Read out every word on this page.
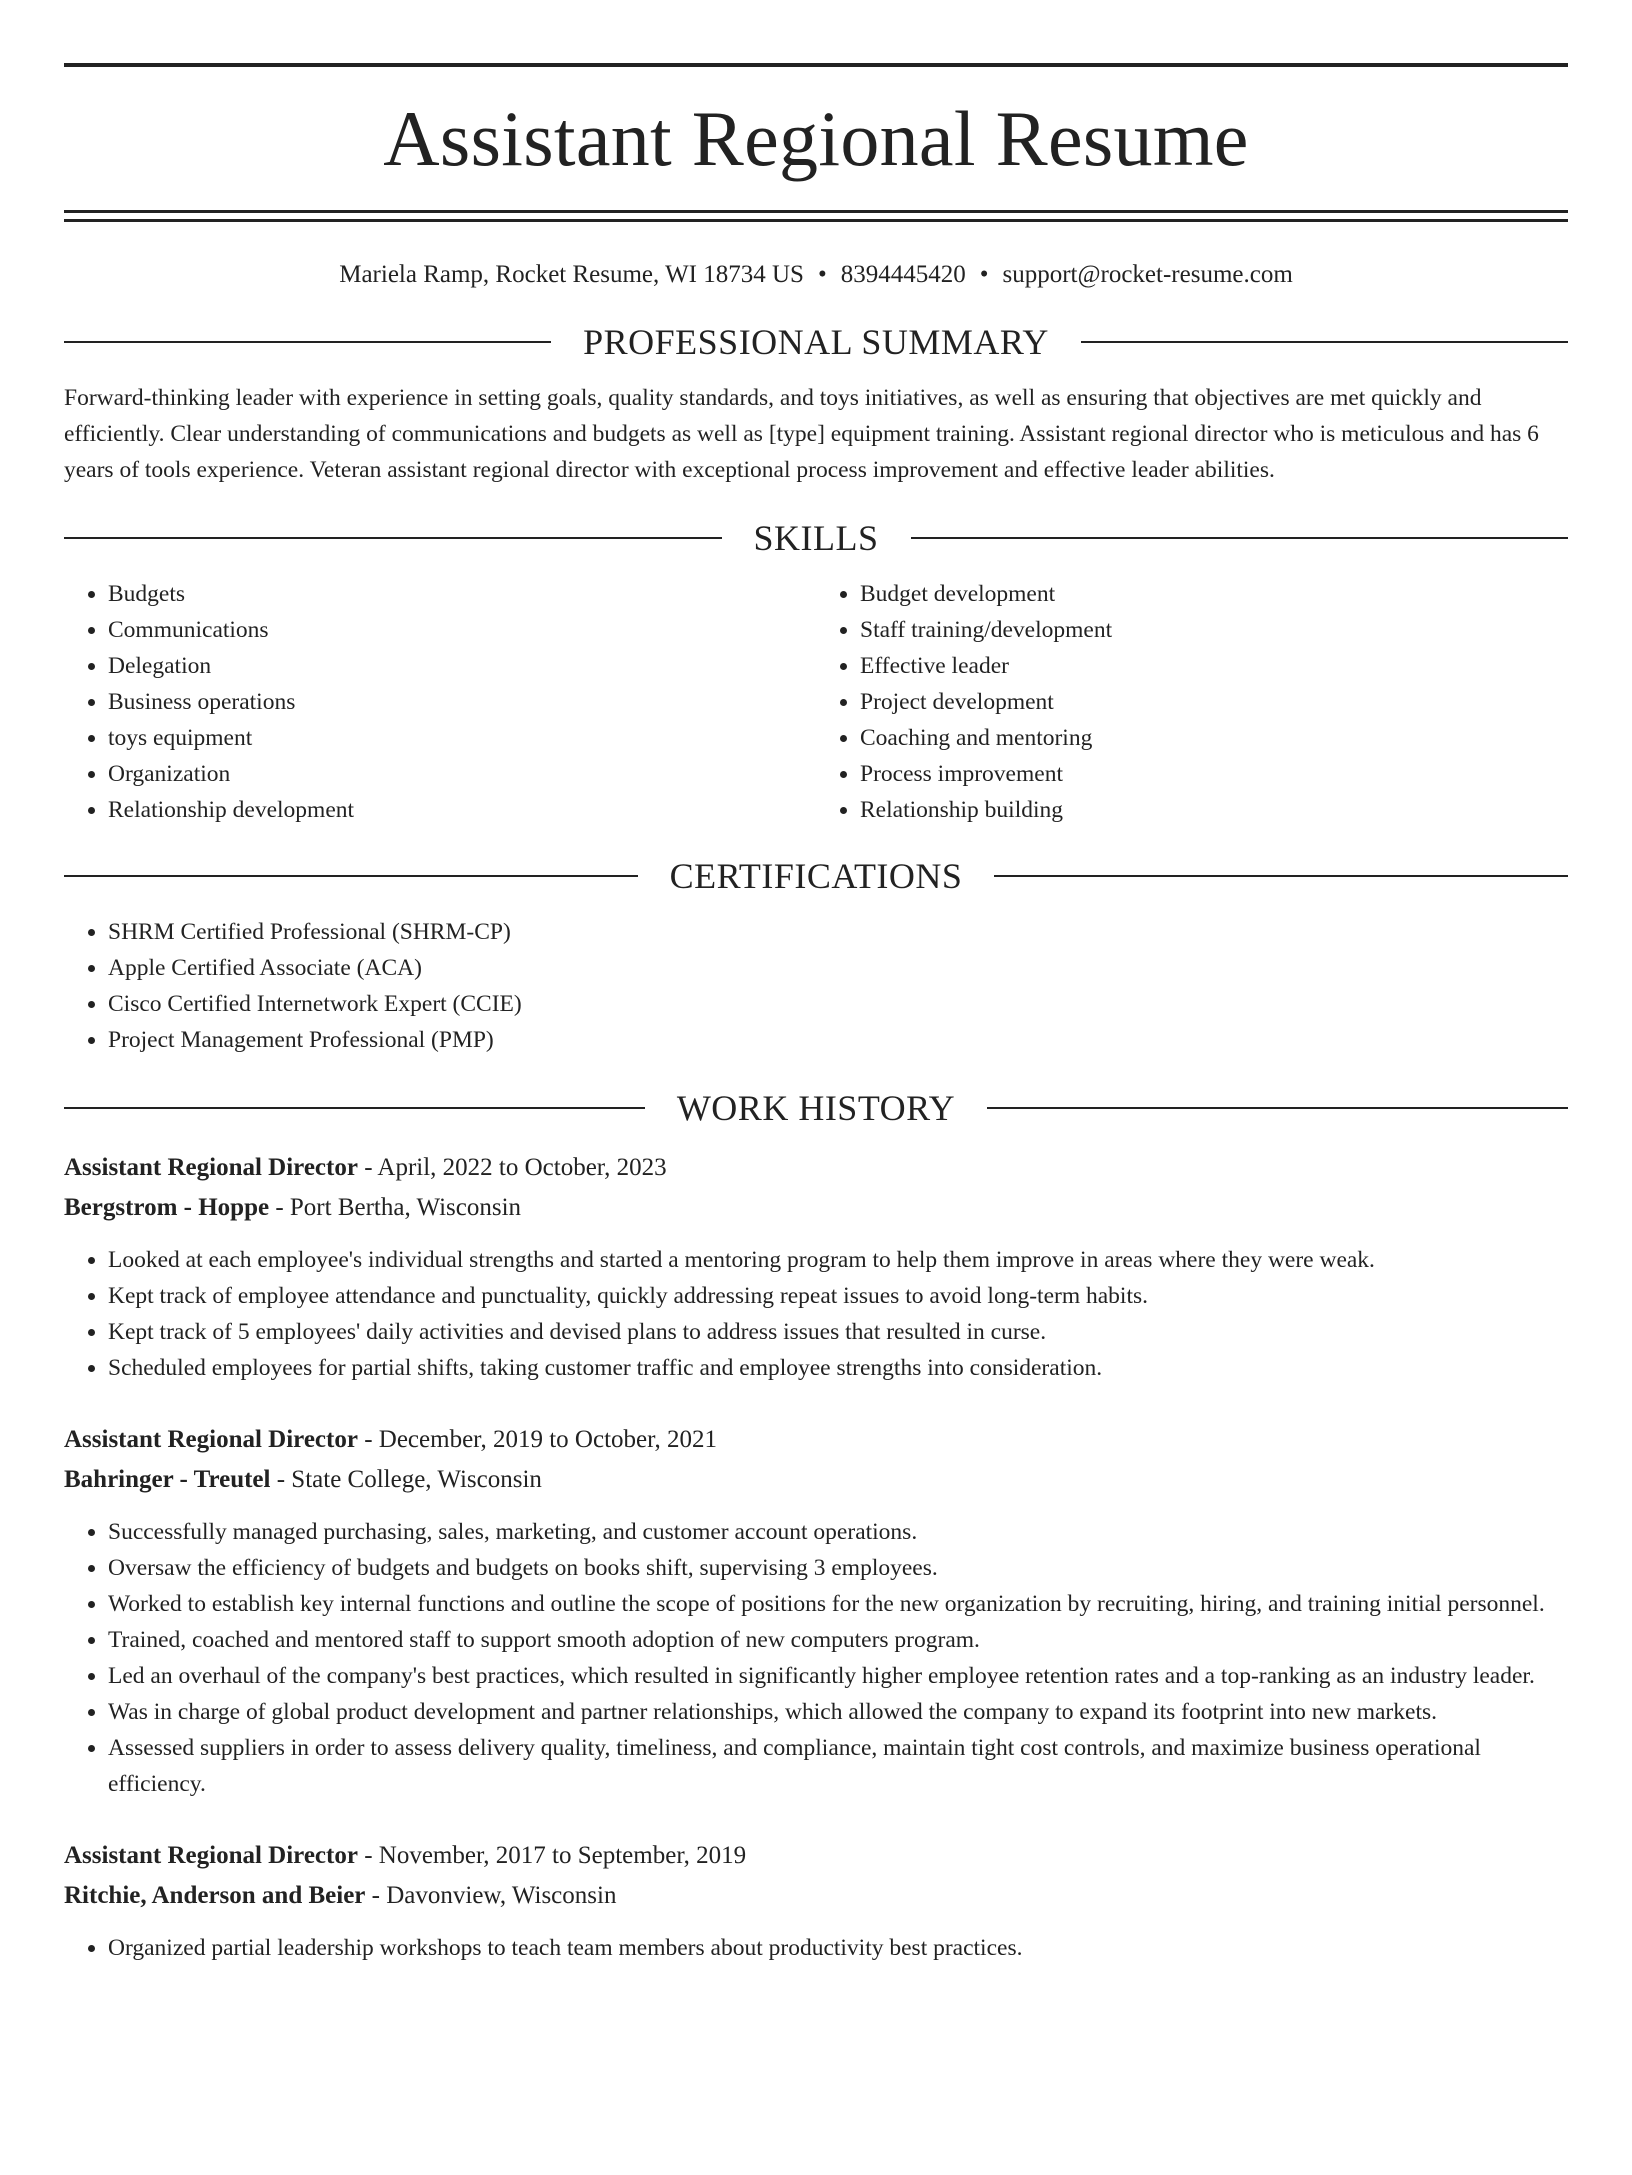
Assistant Regional Resume
Mariela Ramp, Rocket Resume, WI 18734 US • 8394445420 • support@rocket-resume.com
PROFESSIONAL SUMMARY

Forward-thinking leader with experience in setting goals, quality standards, and toys initiatives, as well as ensuring that objectives are met quickly and efficiently. Clear understanding of communications and budgets as well as [type] equipment training. Assistant regional director who is meticulous and has 6 years of tools experience. Veteran assistant regional director with exceptional process improvement and effective leader abilities.

SKILLS
• Budgets
• Communications
• Delegation
• Business operations
• toys equipment
• Organization
• Relationship development
• Budget development
• Staff training/development
• Effective leader
• Project development
• Coaching and mentoring
• Process improvement
• Relationship building
CERTIFICATIONS
• SHRM Certified Professional (SHRM-CP)
• Apple Certified Associate (ACA)
• Cisco Certified Internetwork Expert (CCIE)
• Project Management Professional (PMP)
WORK HISTORY
Assistant Regional Director - April, 2022 to October, 2023
Bergstrom - Hoppe - Port Bertha, Wisconsin
• Looked at each employee's individual strengths and started a mentoring program to help them improve in areas where they were weak.
• Kept track of employee attendance and punctuality, quickly addressing repeat issues to avoid long-term habits.
• Kept track of 5 employees' daily activities and devised plans to address issues that resulted in curse.
• Scheduled employees for partial shifts, taking customer traffic and employee strengths into consideration.
Assistant Regional Director - December, 2019 to October, 2021
Bahringer - Treutel - State College, Wisconsin
• Successfully managed purchasing, sales, marketing, and customer account operations.
• Oversaw the efficiency of budgets and budgets on books shift, supervising 3 employees.
• Worked to establish key internal functions and outline the scope of positions for the new organization by recruiting, hiring, and training initial personnel.
• Trained, coached and mentored staff to support smooth adoption of new computers program.
• Led an overhaul of the company's best practices, which resulted in significantly higher employee retention rates and a top-ranking as an industry leader.
• Was in charge of global product development and partner relationships, which allowed the company to expand its footprint into new markets.
• Assessed suppliers in order to assess delivery quality, timeliness, and compliance, maintain tight cost controls, and maximize business operational efficiency.
Assistant Regional Director - November, 2017 to September, 2019
Ritchie, Anderson and Beier - Davonview, Wisconsin
• Organized partial leadership workshops to teach team members about productivity best practices.
